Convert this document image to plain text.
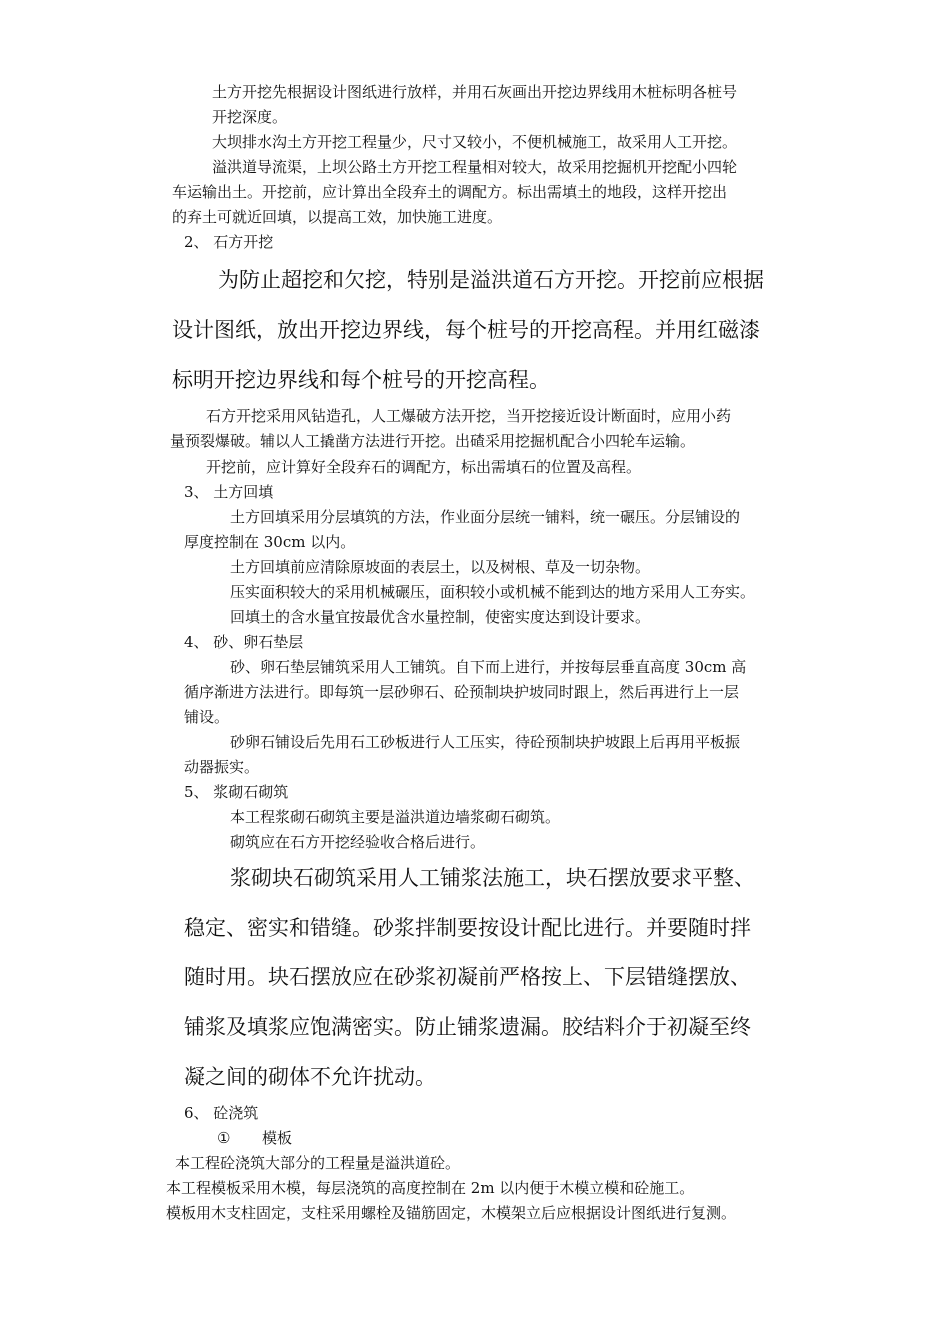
土方开挖先根据设计图纸进行放样，并用石灰画出开挖边界线用木桩标明各桩号

开挖深度。

大坝排水沟土方开挖工程量少，尺寸又较小，不便机械施工，故采用人工开挖。

溢洪道导流渠，上坝公路土方开挖工程量相对较大，故采用挖掘机开挖配小四轮

车运输出土。开挖前，应计算出全段弃土的调配方。标出需填土的地段，这样开挖出

的弃土可就近回填，以提高工效，加快施工进度。

2、 石方开挖

为防止超挖和欠挖，特别是溢洪道石方开挖。开挖前应根据

设计图纸，放出开挖边界线，每个桩号的开挖高程。并用红磁漆

标明开挖边界线和每个桩号的开挖高程。

石方开挖采用风钻造孔，人工爆破方法开挖，当开挖接近设计断面时，应用小药

量预裂爆破。辅以人工撬凿方法进行开挖。出碴采用挖掘机配合小四轮车运输。

开挖前，应计算好全段弃石的调配方，标出需填石的位置及高程。

3、 土方回填

土方回填采用分层填筑的方法，作业面分层统一铺料，统一碾压。分层铺设的

厚度控制在 30cm 以内。

土方回填前应清除原坡面的表层土，以及树根、草及一切杂物。

压实面积较大的采用机械碾压，面积较小或机械不能到达的地方采用人工夯实。

回填土的含水量宜按最优含水量控制，使密实度达到设计要求。

4、 砂、卵石垫层

砂、卵石垫层铺筑采用人工铺筑。自下而上进行，并按每层垂直高度 30cm 高

循序渐进方法进行。即每筑一层砂卵石、砼预制块护坡同时跟上，然后再进行上一层

铺设。

砂卵石铺设后先用石工砂板进行人工压实，待砼预制块护坡跟上后再用平板振

动器振实。

5、 浆砌石砌筑

本工程浆砌石砌筑主要是溢洪道边墙浆砌石砌筑。

砌筑应在石方开挖经验收合格后进行。

浆砌块石砌筑采用人工铺浆法施工，块石摆放要求平整、

稳定、密实和错缝。砂浆拌制要按设计配比进行。并要随时拌

随时用。块石摆放应在砂浆初凝前严格按上、下层错缝摆放、

铺浆及填浆应饱满密实。防止铺浆遗漏。胶结料介于初凝至终

凝之间的砌体不允许扰动。

6、 砼浇筑

① 模板

本工程砼浇筑大部分的工程量是溢洪道砼。

本工程模板采用木模，每层浇筑的高度控制在 2m 以内便于木模立模和砼施工。

模板用木支柱固定，支柱采用螺栓及锚筋固定，木模架立后应根据设计图纸进行复测。
